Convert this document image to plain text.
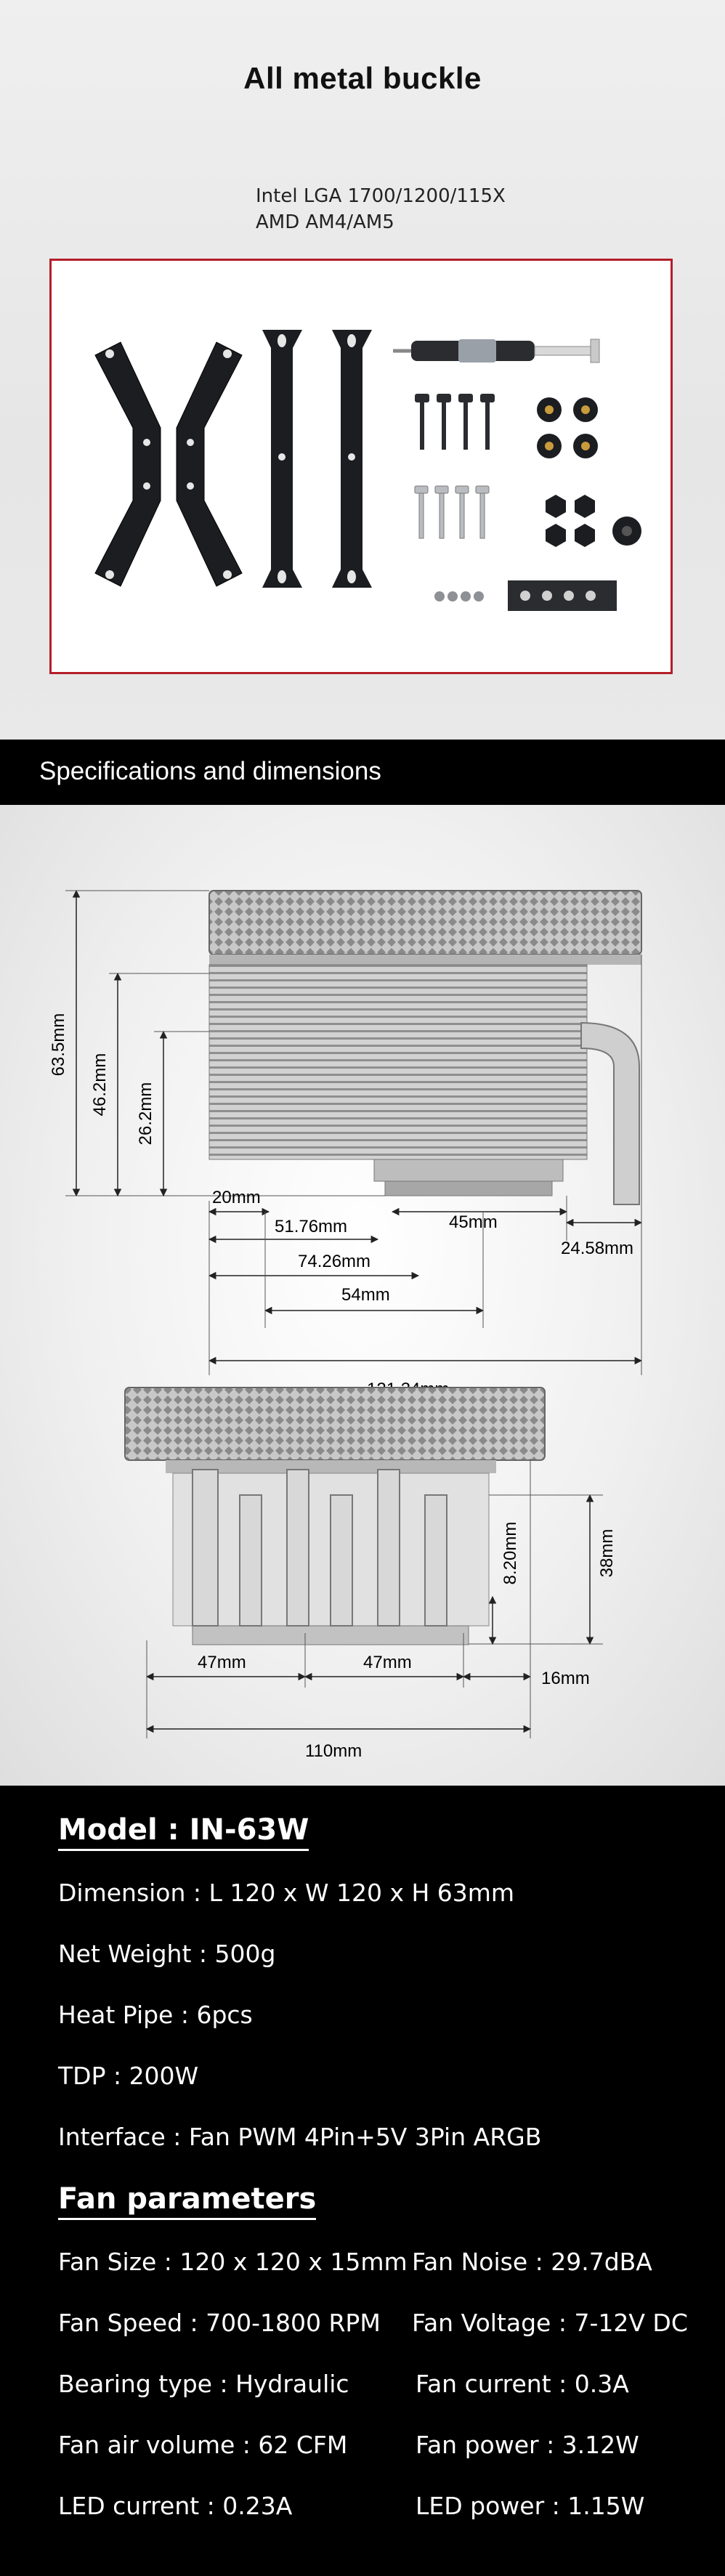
All metal buckle
Intel LGA 1700/1200/115X
AMD AM4/AM5
Specifications and dimensions
63.5mm
46.2mm 26.2mm
20mm
45mm
51.76mm
24.58mm
74.26mm
54mm
38mm
8.20mm
47mm	47mm
16mm
110mm
Model : IN-63W
Dimension : L 120 x W 120 x H 63mm
Net Weight : 500g
Heat Pipe : 6pcs
TDP : 200W
Interface : Fan PWM 4Pin+5V 3Pin ARGB
Fan parameters
Fan Size : 120 x 120 x 15mm Fan Noise : 29.7dBA
Fan Speed : 700-1800 RPM Fan Voltage : 7-12V DC
Bearing type : Hydraulic	Fan current : 0.3A
Fan air volume : 62 CFM	Fan power : 3.12W
LED current : 0.23A	LED power : 1.15W
